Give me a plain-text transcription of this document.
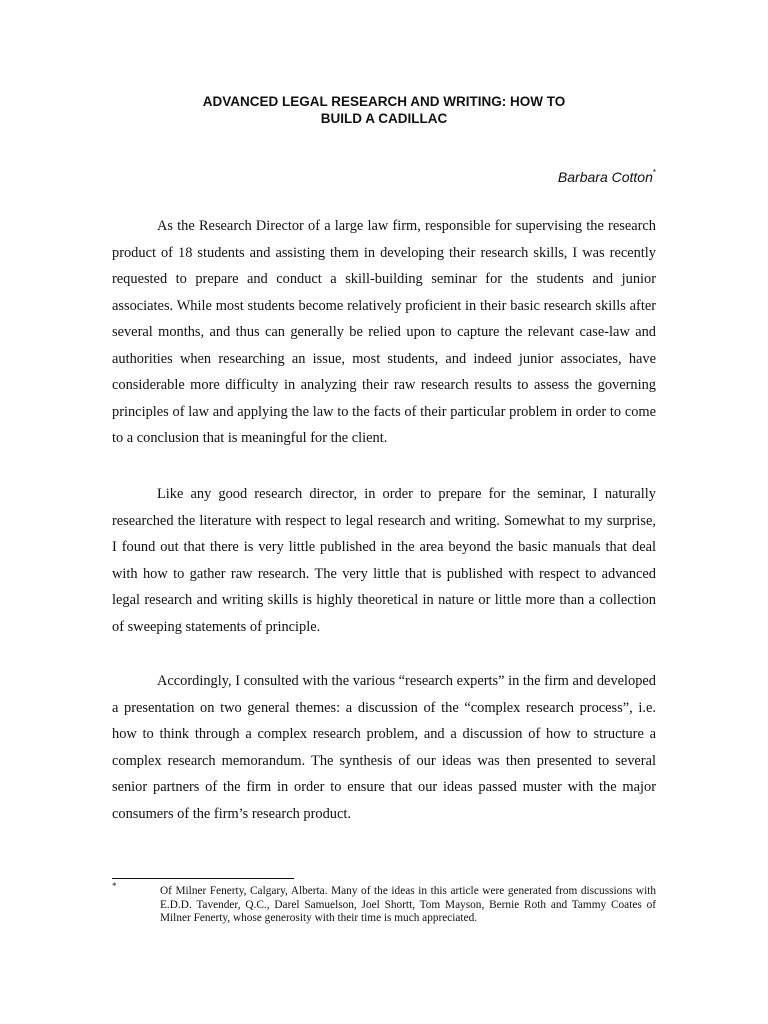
ADVANCED LEGAL RESEARCH AND WRITING: HOW TO
BUILD A CADILLAC
Barbara Cotton*

As the Research Director of a large law firm, responsible for supervising the research product of 18 students and assisting them in developing their research skills, I was recently requested to prepare and conduct a skill-building seminar for the students and junior associates. While most students become relatively proficient in their basic research skills after several months, and thus can generally be relied upon to capture the relevant case-law and authorities when researching an issue, most students, and indeed junior associates, have considerable more difficulty in analyzing their raw research results to assess the governing principles of law and applying the law to the facts of their particular problem in order to come to a conclusion that is meaningful for the client.

Like any good research director, in order to prepare for the seminar, I naturally researched the literature with respect to legal research and writing. Somewhat to my surprise, I found out that there is very little published in the area beyond the basic manuals that deal with how to gather raw research. The very little that is published with respect to advanced legal research and writing skills is highly theoretical in nature or little more than a collection of sweeping statements of principle.

Accordingly, I consulted with the various “research experts” in the firm and developed a presentation on two general themes: a discussion of the “complex research process”, i.e. how to think through a complex research problem, and a discussion of how to structure a complex research memorandum. The synthesis of our ideas was then presented to several senior partners of the firm in order to ensure that our ideas passed muster with the major consumers of the firm’s research product.

*	Of Milner Fenerty, Calgary, Alberta. Many of the ideas in this article were generated from discussions with E.D.D. Tavender, Q.C., Darel Samuelson, Joel Shortt, Tom Mayson, Bernie Roth and Tammy Coates of Milner Fenerty, whose generosity with their time is much appreciated.
